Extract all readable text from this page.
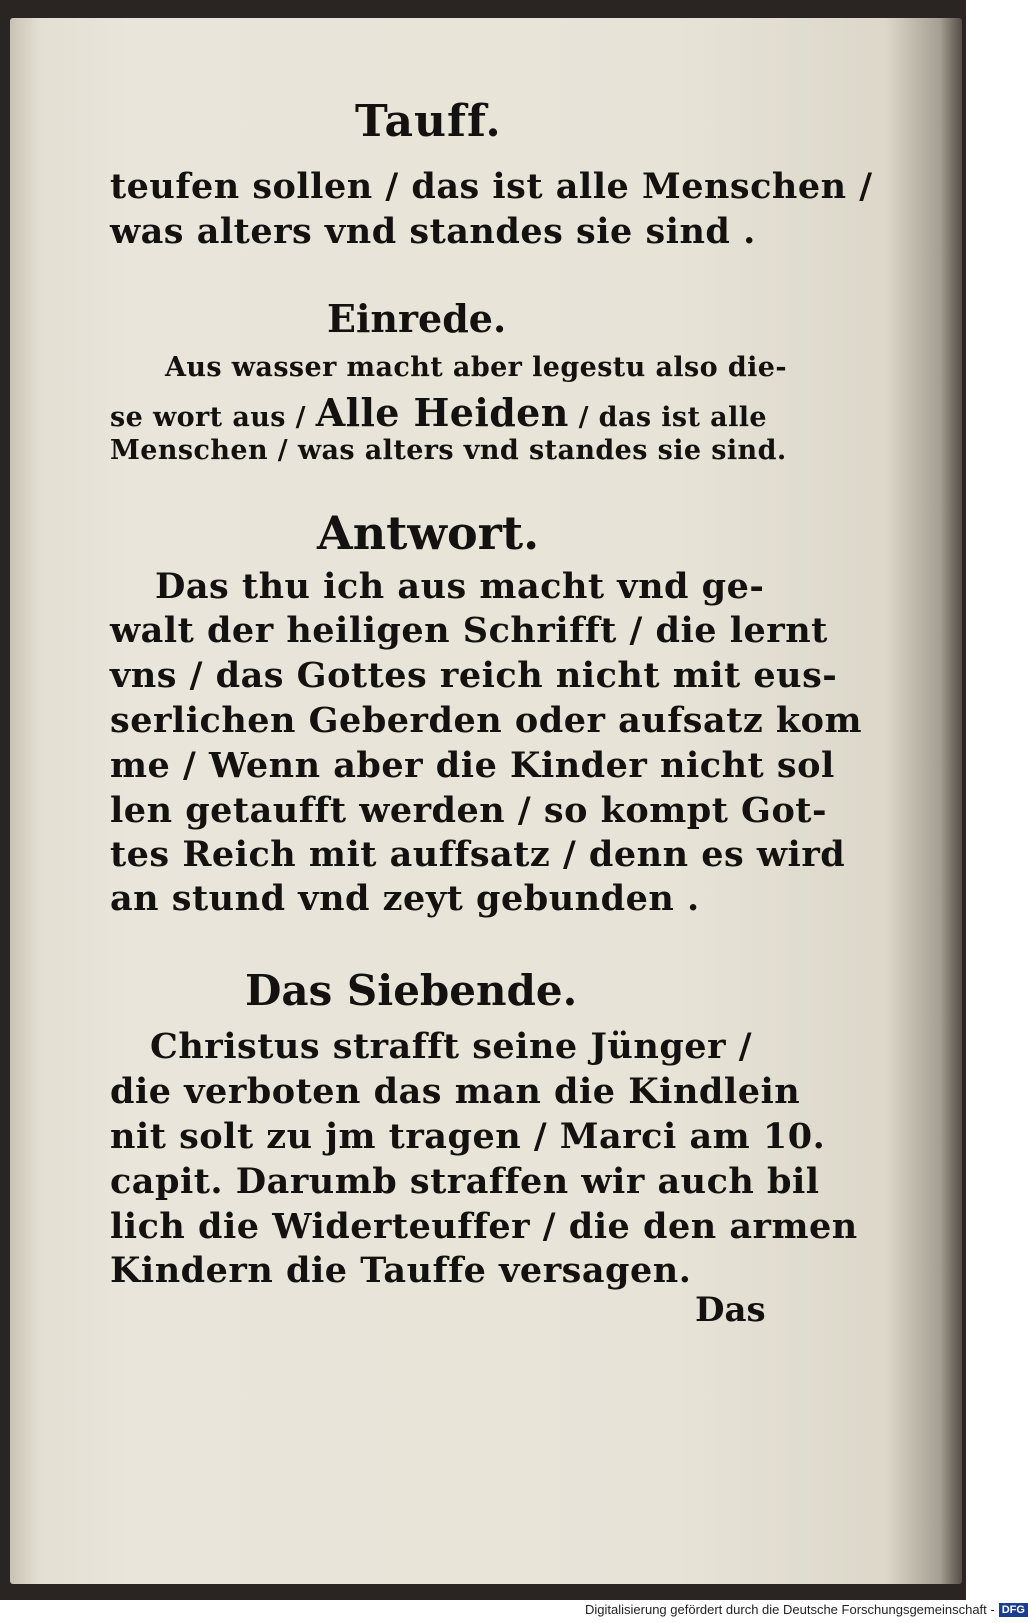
Tauff.
teufen sollen / das ist alle Menschen /
was alters vnd standes sie sind .
Einrede.
Aus wasser macht aber legestu also die-
se wort aus / Alle Heiden / das ist alle
Menschen / was alters vnd standes sie sind.
Antwort.
Das thu ich aus macht vnd ge-
walt der heiligen Schrifft / die lernt
vns / das Gottes reich nicht mit eus-
serlichen Geberden oder aufsatz kom
me / Wenn aber die Kinder nicht sol
len getaufft werden / so kompt Got-
tes Reich mit auffsatz / denn es wird
an stund vnd zeyt gebunden .
Das Siebende.
Christus strafft seine Jünger /
die verboten das man die Kindlein
nit solt zu jm tragen / Marci am 10.
capit. Darumb straffen wir auch bil
lich die Widerteuffer / die den armen
Kindern die Tauffe versagen.
Das
Digitalisierung gefördert durch die Deutsche Forschungsgemeinschaft - DFG
